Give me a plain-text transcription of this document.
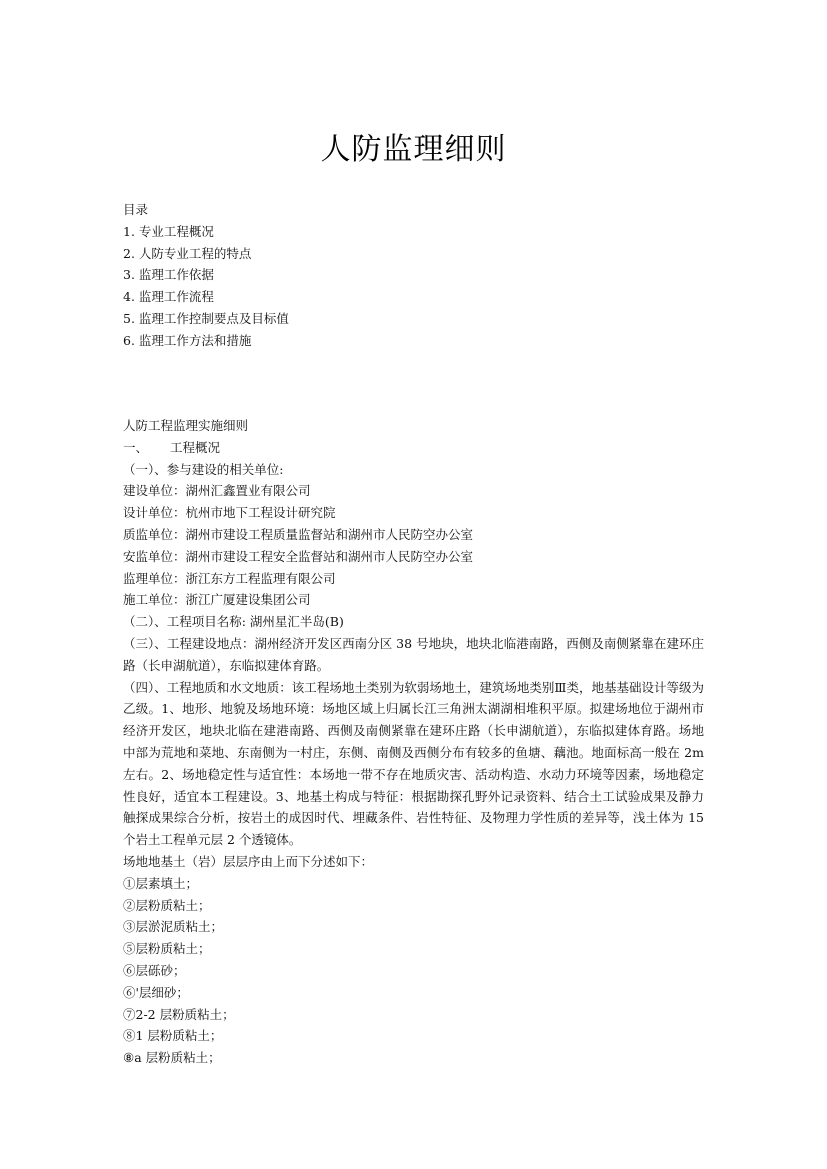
人防监理细则
目录
1. 专业工程概况
2. 人防专业工程的特点
3. 监理工作依据
4. 监理工作流程
5. 监理工作控制要点及目标值
6. 监理工作方法和措施
人防工程监理实施细则
一、 工程概况
（一）、参与建设的相关单位:
建设单位：湖州汇鑫置业有限公司
设计单位：杭州市地下工程设计研究院
质监单位：湖州市建设工程质量监督站和湖州市人民防空办公室
安监单位：湖州市建设工程安全监督站和湖州市人民防空办公室
监理单位：浙江东方工程监理有限公司
施工单位：浙江广厦建设集团公司
（二）、工程项目名称: 湖州星汇半岛(B)
（三）、工程建设地点：湖州经济开发区西南分区 38 号地块，地块北临港南路，西侧及南侧紧靠在建环庄路（长申湖航道），东临拟建体育路。
（四）、工程地质和水文地质：该工程场地土类别为软弱场地土，建筑场地类别Ⅲ类，地基基础设计等级为乙级。1、地形、地貌及场地环境：场地区域上归属长江三角洲太湖湖相堆积平原。拟建场地位于湖州市经济开发区，地块北临在建港南路、西侧及南侧紧靠在建环庄路（长申湖航道），东临拟建体育路。场地中部为荒地和菜地、东南侧为一村庄，东侧、南侧及西侧分布有较多的鱼塘、藕池。地面标高一般在 2m 左右。2、场地稳定性与适宜性：本场地一带不存在地质灾害、活动构造、水动力环境等因素，场地稳定性良好，适宜本工程建设。3、地基土构成与特征：根据勘探孔野外记录资料、结合土工试验成果及静力触探成果综合分析，按岩土的成因时代、埋藏条件、岩性特征、及物理力学性质的差异等，浅土体为 15 个岩土工程单元层 2 个透镜体。
场地地基土（岩）层层序由上而下分述如下：
①层素填土；
②层粉质粘土；
③层淤泥质粘土；
⑤层粉质粘土；
⑥层砾砂；
⑥'层细砂；
⑦2-2 层粉质粘土；
⑧1 层粉质粘土；
⑧a 层粉质粘土；
